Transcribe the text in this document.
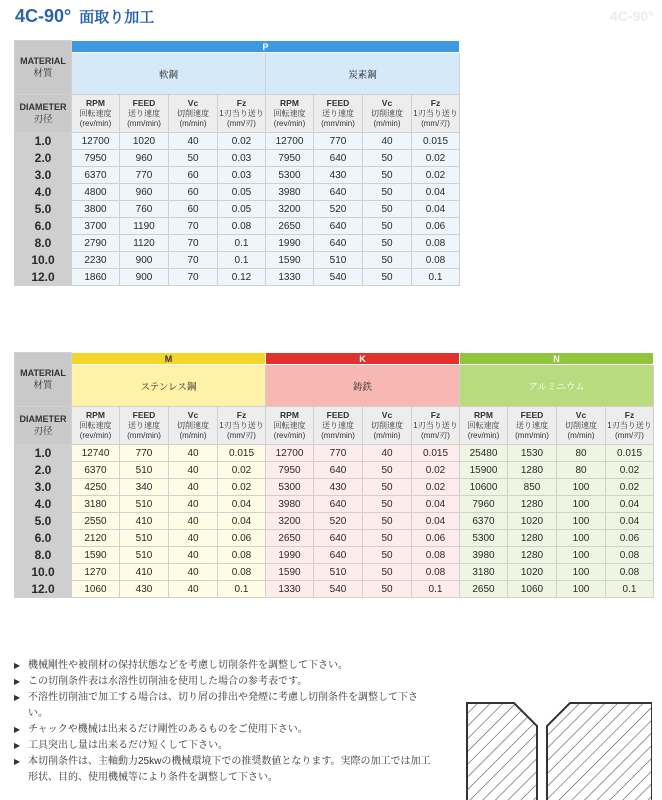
4C-90° 面取り加工	4C-90°
MATERIAL
材質	P							
	軟鋼				炭素鋼			
DIAMETER
刃径	RPM
回転速度
(rev/min)	FEED
送り速度
(mm/min)	Vc
切削速度
(m/min)	Fz
1刃当り送り
(mm/刃)	RPM
回転速度
(rev/min)	FEED
送り速度
(mm/min)	Vc
切削速度
(m/min)	Fz
1刃当り送り
(mm/刃)
1.0	12700	1020	40	0.02	12700	770	40	0.015
2.0	7950	960	50	0.03	7950	640	50	0.02
3.0	6370	770	60	0.03	5300	430	50	0.02
4.0	4800	960	60	0.05	3980	640	50	0.04
5.0	3800	760	60	0.05	3200	520	50	0.04
6.0	3700	1190	70	0.08	2650	640	50	0.06
8.0	2790	1120	70	0.1	1990	640	50	0.08
10.0	2230	900	70	0.1	1590	510	50	0.08
12.0	1860	900	70	0.12	1330	540	50	0.1
MATERIAL
材質	M				K				N			
	ステンレス鋼				鋳鉄				アルミニウム			
DIAMETER
刃径	RPM
回転速度
(rev/min)	FEED
送り速度
(mm/min)	Vc
切削速度
(m/min)	Fz
1刃当り送り
(mm/刃)	RPM
回転速度
(rev/min)	FEED
送り速度
(mm/min)	Vc
切削速度
(m/min)	Fz
1刃当り送り
(mm/刃)	RPM
回転速度
(rev/min)	FEED
送り速度
(mm/min)	Vc
切削速度
(m/min)	Fz
1刃当り送り
(mm/刃)
1.0	12740	770	40	0.015	12700	770	40	0.015	25480	1530	80	0.015
2.0	6370	510	40	0.02	7950	640	50	0.02	15900	1280	80	0.02
3.0	4250	340	40	0.02	5300	430	50	0.02	10600	850	100	0.02
4.0	3180	510	40	0.04	3980	640	50	0.04	7960	1280	100	0.04
5.0	2550	410	40	0.04	3200	520	50	0.04	6370	1020	100	0.04
6.0	2120	510	40	0.06	2650	640	50	0.06	5300	1280	100	0.06
8.0	1590	510	40	0.08	1990	640	50	0.08	3980	1280	100	0.08
10.0	1270	410	40	0.08	1590	510	50	0.08	3180	1020	100	0.08
12.0	1060	430	40	0.1	1330	540	50	0.1	2650	1060	100	0.1
▶ 機械剛性や被削材の保持状態などを考慮し切削条件を調整して下さい。
▶ この切削条件表は水溶性切削油を使用した場合の参考表です。
▶ 不溶性切削油で加工する場合は、切り屑の排出や発煙に考慮し切削条件を調整して下さい。
▶ チャックや機械は出来るだけ剛性のあるものをご使用下さい。
▶ 工具突出し量は出来るだけ短くして下さい。
▶ 本切削条件は、主軸動力25kwの機械環境下での推奨数値となります。実際の加工では加工形状、目的、使用機械等により条件を調整して下さい。
